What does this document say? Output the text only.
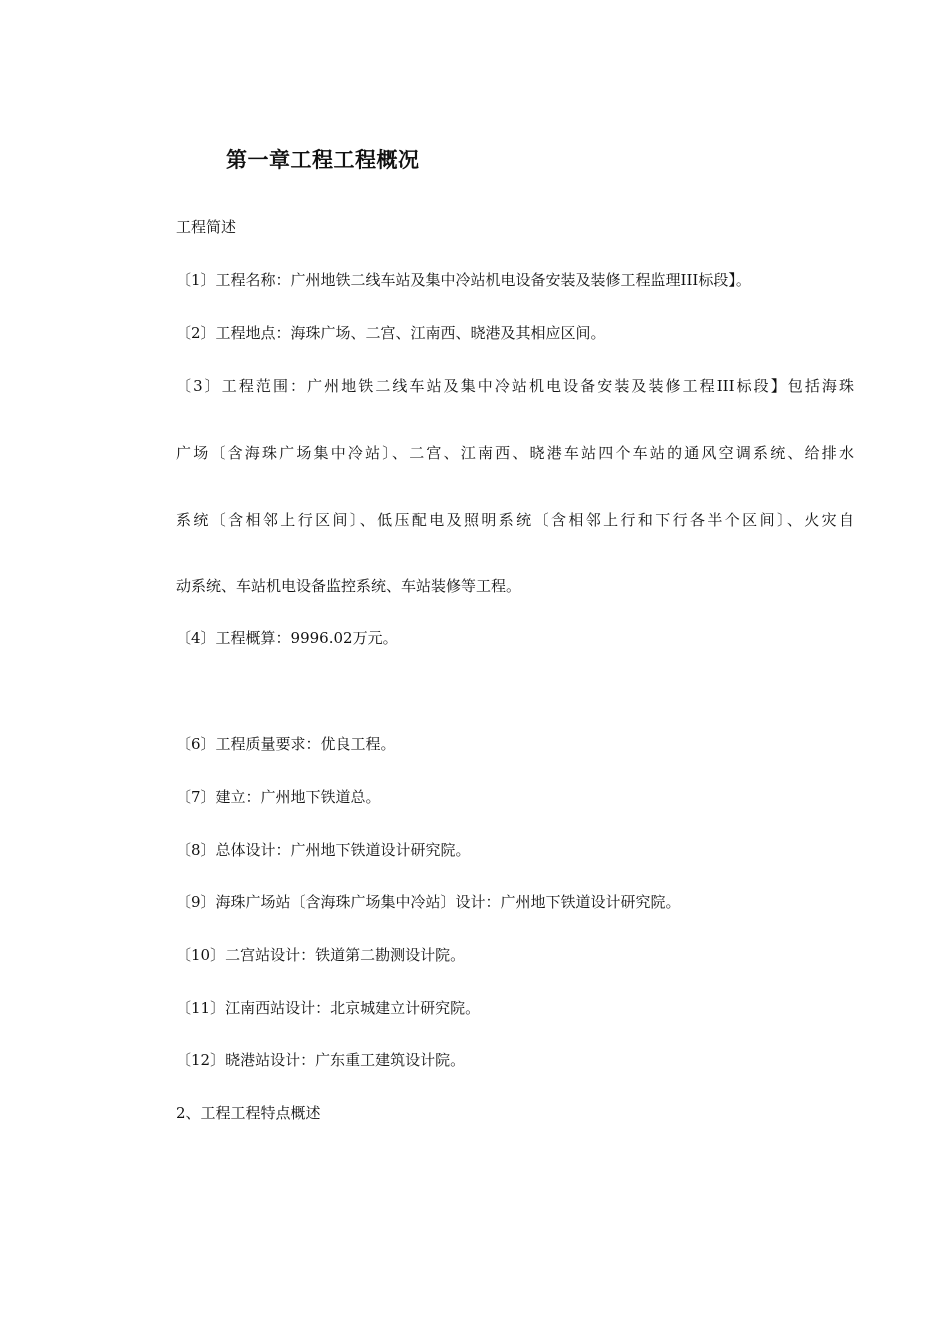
第一章工程工程概况
工程简述
〔1〕工程名称：广州地铁二线车站及集中冷站机电设备安装及装修工程监理III标段】。
〔2〕工程地点：海珠广场、二宫、江南西、晓港及其相应区间。
〔3〕工程范围：广州地铁二线车站及集中冷站机电设备安装及装修工程III标段】包括海珠
广场〔含海珠广场集中冷站〕、二宫、江南西、晓港车站四个车站的通风空调系统、给排水
系统〔含相邻上行区间〕、低压配电及照明系统〔含相邻上行和下行各半个区间〕、火灾自
动系统、车站机电设备监控系统、车站装修等工程。
〔4〕工程概算：9996.02万元。
〔6〕工程质量要求：优良工程。
〔7〕建立：广州地下铁道总。
〔8〕总体设计：广州地下铁道设计研究院。
〔9〕海珠广场站〔含海珠广场集中冷站〕设计：广州地下铁道设计研究院。
〔10〕二宫站设计：铁道第二勘测设计院。
〔11〕江南西站设计：北京城建立计研究院。
〔12〕晓港站设计：广东重工建筑设计院。
2、工程工程特点概述
